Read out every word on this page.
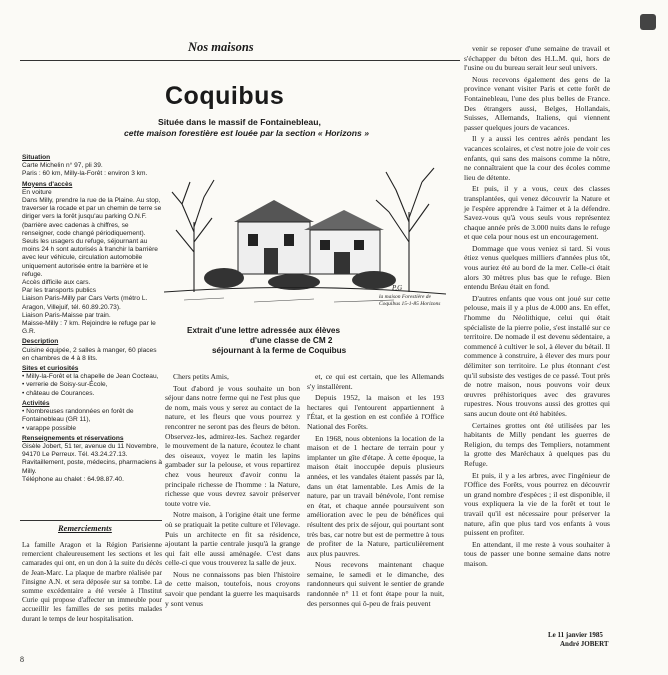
Nos maisons
Coquibus
Située dans le massif de Fontainebleau,
cette maison forestière est louée par la section « Horizons »
Situation
Carte Michelin n° 97, pli 39.
Paris : 60 km, Milly-la-Forêt : environ 3 km.
Moyens d'accès
En voiture
Dans Milly, prendre la rue de la Plaine. Au stop, traverser la rocade et par un chemin de terre se diriger vers la forêt jusqu'au parking O.N.F. (barrière avec cadenas à chiffres, se renseigner, code changé périodiquement).
Seuls les usagers du refuge, séjournant au moins 24 h sont autorisés à franchir la barrière avec leur véhicule, circulation automobile uniquement autorisée entre la barrière et le refuge.
Accès difficile aux cars.
Par les transports publics
Liaison Paris-Milly par Cars Verts (métro L. Aragon, Villejuif, tél. 60.89.20.73).
Liaison Paris-Maisse par train.
Maisse-Milly : 7 km. Rejoindre le refuge par le G.R.
Description
Cuisine équipée, 2 salles à manger, 60 places en chambres de 4 à 8 lits.
Sites et curiosités
• Milly-la-Forêt et la chapelle de Jean Cocteau,
• verrerie de Soisy-sur-École,
• château de Courances.
Activités
• Nombreuses randonnées en forêt de Fontainebleau (GR 11),
• varappe possible
Renseignements et réservations
Gisèle Jobert, 51 ter, avenue du 11 Novembre, 94170 Le Perreux. Tél. 43.24.27.13.
Ravitaillement, poste, médecins, pharmaciens à Milly.
Téléphone au chalet : 64.98.87.40.
P.G
la maison Forestière de Coquibus 15-1-85 Horizons
Extrait d'une lettre adressée aux élèves
d'une classe de CM 2
séjournant à la ferme de Coquibus
Remerciements
La famille Aragon et la Région Parisienne remercient chaleureusement les sections et les camarades qui ont, en un don à la suite du décès de Jean-Marc. La plaque de marbre réalisée par l'insigne A.N. et sera déposée sur sa tombe. La somme excédentaire a été versée à l'Institut Curie qui propose d'affecter un immeuble pour accueillir les familles de ses petits malades durant le temps de leur hospitalisation.
8

Chers petits Amis,

Tout d'abord je vous souhaite un bon séjour dans notre ferme qui ne l'est plus que de nom, mais vous y serez au contact de la nature, et les fleurs que vous pourrez y rencontrer ne seront pas des fleurs de béton. Observez-les, admirez-les. Sachez regarder le mouvement de la nature, écoutez le chant des oiseaux, voyez le matin les lapins gambader sur la pelouse, et vous repartirez chez vous heureux d'avoir connu la principale richesse de l'homme : la Nature, richesse que vous devrez savoir préserver toute votre vie.

Notre maison, à l'origine était une ferme où se pratiquait la petite culture et l'élevage. Puis un architecte en fit sa résidence, ajoutant la partie centrale jusqu'à la grange qui fait elle aussi aménagée. C'est dans celle-ci que vous trouverez la salle de jeux.

Nous ne connaissons pas bien l'histoire de cette maison, toutefois, nous croyons savoir que pendant la guerre les maquisards y sont venus

et, ce qui est certain, que les Allemands s'y installèrent.

Depuis 1952, la maison et les 193 hectares qui l'entourent appartiennent à l'État, et la gestion en est confiée à l'Office National des Forêts.

En 1968, nous obtenions la location de la maison et de 1 hectare de terrain pour y implanter un gîte d'étape. À cette époque, la maison était inoccupée depuis plusieurs années, et les vandales étaient passés par là, dans un état lamentable. Les Amis de la nature, par un travail bénévole, l'ont remise en état, et chaque année poursuivent son amélioration avec le peu de bénéfices qui résultent des prix de séjour, qui pourtant sont très bas, car notre but est de permettre à tous de profiter de la Nature, particulièrement aux plus pauvres.

Nous recevons maintenant chaque semaine, le samedi et le dimanche, des randonneurs qui suivent le sentier de grande randonnée n° 11 et font étape pour la nuit, des personnes qui ô-peu de frais peuvent

venir se reposer d'une semaine de travail et s'échapper du béton des H.L.M. qui, hors de l'usine ou du bureau serait leur seul univers.

Nous recevons également des gens de la province venant visiter Paris et cette forêt de Fontainebleau, l'une des plus belles de France. Des étrangers aussi, Belges, Hollandais, Suisses, Allemands, Italiens, qui viennent passer quelques jours de vacances.

Il y a aussi les centres aérés pendant les vacances scolaires, et c'est notre joie de voir ces enfants, qui sans des maisons comme la nôtre, ne connaîtraient que la cour des écoles comme lieu de détente.

Et puis, il y a vous, ceux des classes transplantées, qui venez découvrir la Nature et je l'espère apprendre à l'aimer et à la défendre. Savez-vous qu'à vous seuls vous représentez chaque année près de 3.000 nuits dans le refuge et que cela pour nous est un encouragement.

Dommage que vous veniez si tard. Si vous étiez venus quelques milliers d'années plus tôt, vous auriez été au bord de la mer. Celle-ci était alors 30 mètres plus bas que le refuge. Bien entendu Bréau était en fond.

D'autres enfants que vous ont joué sur cette pelouse, mais il y a plus de 4.000 ans. En effet, l'homme du Néolithique, celui qui était spécialiste de la pierre polie, s'est installé sur ce territoire. De nomade il est devenu sédentaire, a commencé à cultiver le sol, à élever du bétail. Il commence à construire, à élever des murs pour délimiter son territoire. Le plus étonnant c'est qu'il subsiste des vestiges de ce passé. Tout près de notre maison, nous pouvons voir deux œuvres préhistoriques avec des gravures rupestres. Nous trouvons aussi des grottes qui sans aucun doute ont été habitées.

Certaines grottes ont été utilisées par les habitants de Milly pendant les guerres de Religion, du temps des Templiers, notamment la grotte des Maréchaux à quelques pas du Refuge.

Et puis, il y a les arbres, avec l'ingénieur de l'Office des Forêts, vous pourrez en découvrir un grand nombre d'espèces ; il est disponible, il vous expliquera la vie de la forêt et tout le travail qu'il est nécessaire pour préserver la nature, afin que plus tard vos enfants à vous puissent en profiter.

En attendant, il me reste à vous souhaiter à tous de passer une bonne semaine dans notre maison.

Le 11 janvier 1985
André JOBERT
